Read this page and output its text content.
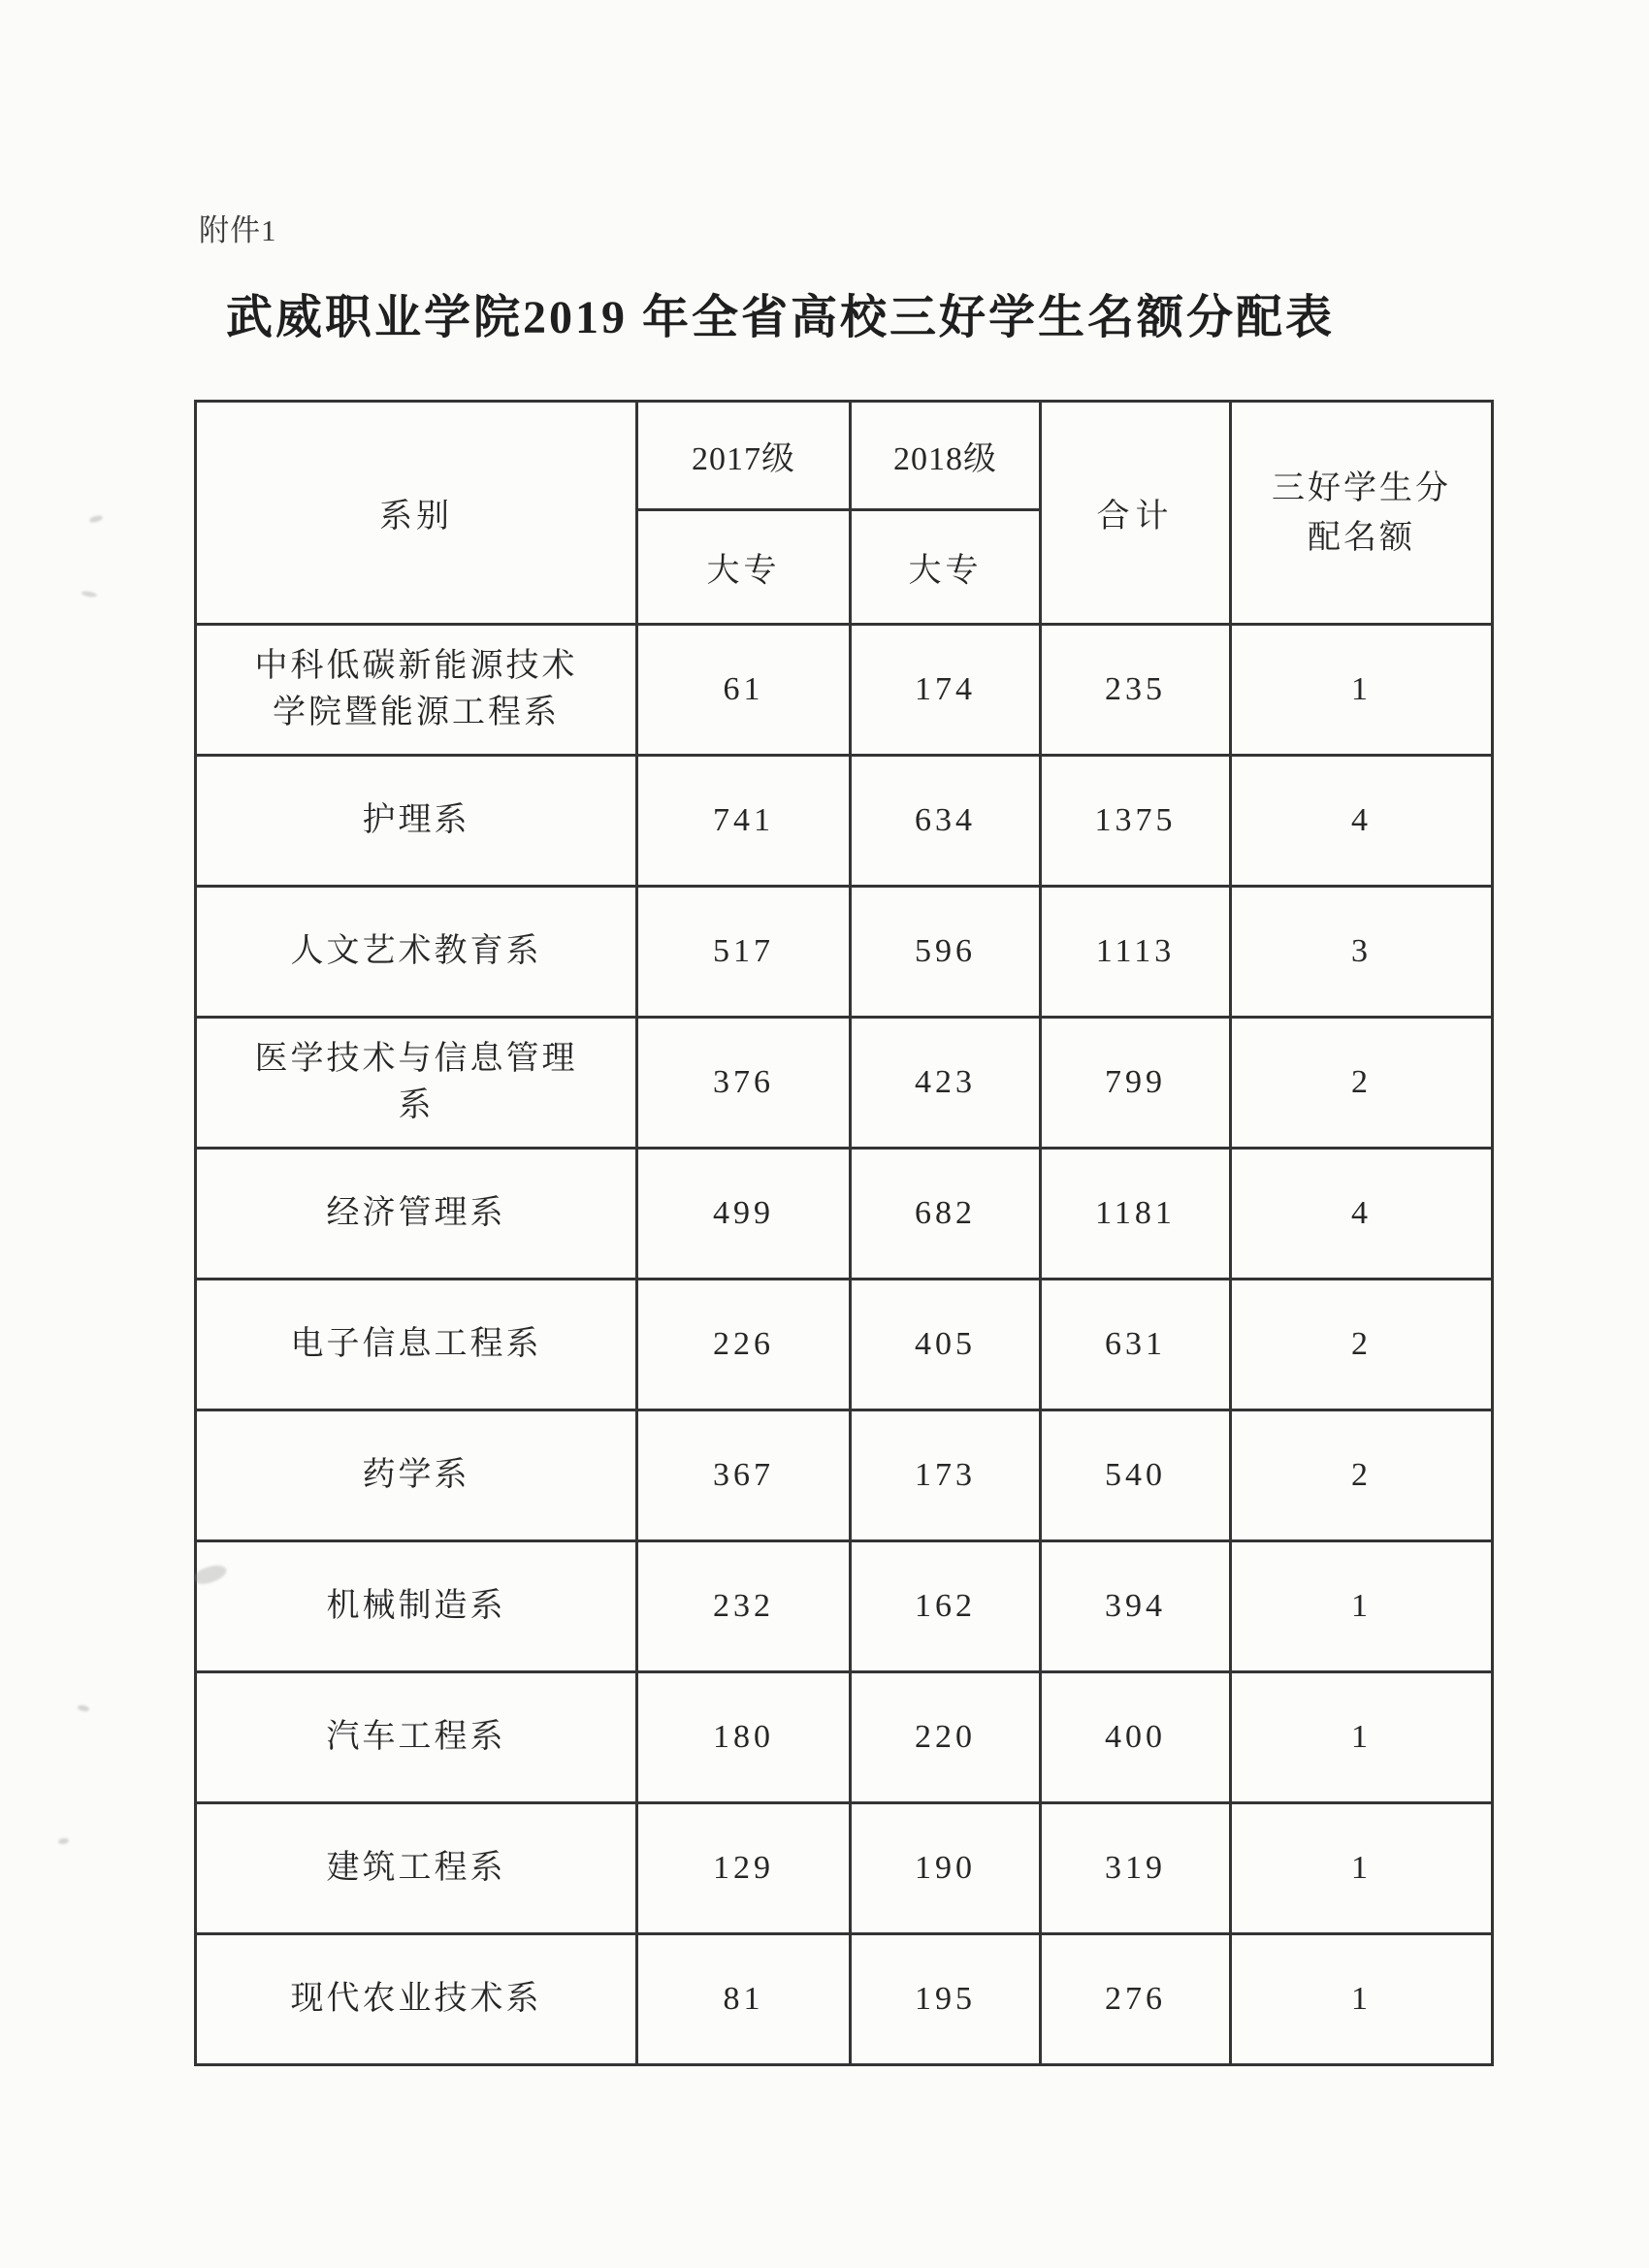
附件1
武威职业学院2019 年全省高校三好学生名额分配表
系别	2017级	2018级	合计	三好学生分配名额
	大专	大专		
中科低碳新能源技术学院暨能源工程系	61	174	235	1
护理系	741	634	1375	4
人文艺术教育系	517	596	1113	3
医学技术与信息管理系	376	423	799	2
经济管理系	499	682	1181	4
电子信息工程系	226	405	631	2
药学系	367	173	540	2
机械制造系	232	162	394	1
汽车工程系	180	220	400	1
建筑工程系	129	190	319	1
现代农业技术系	81	195	276	1
